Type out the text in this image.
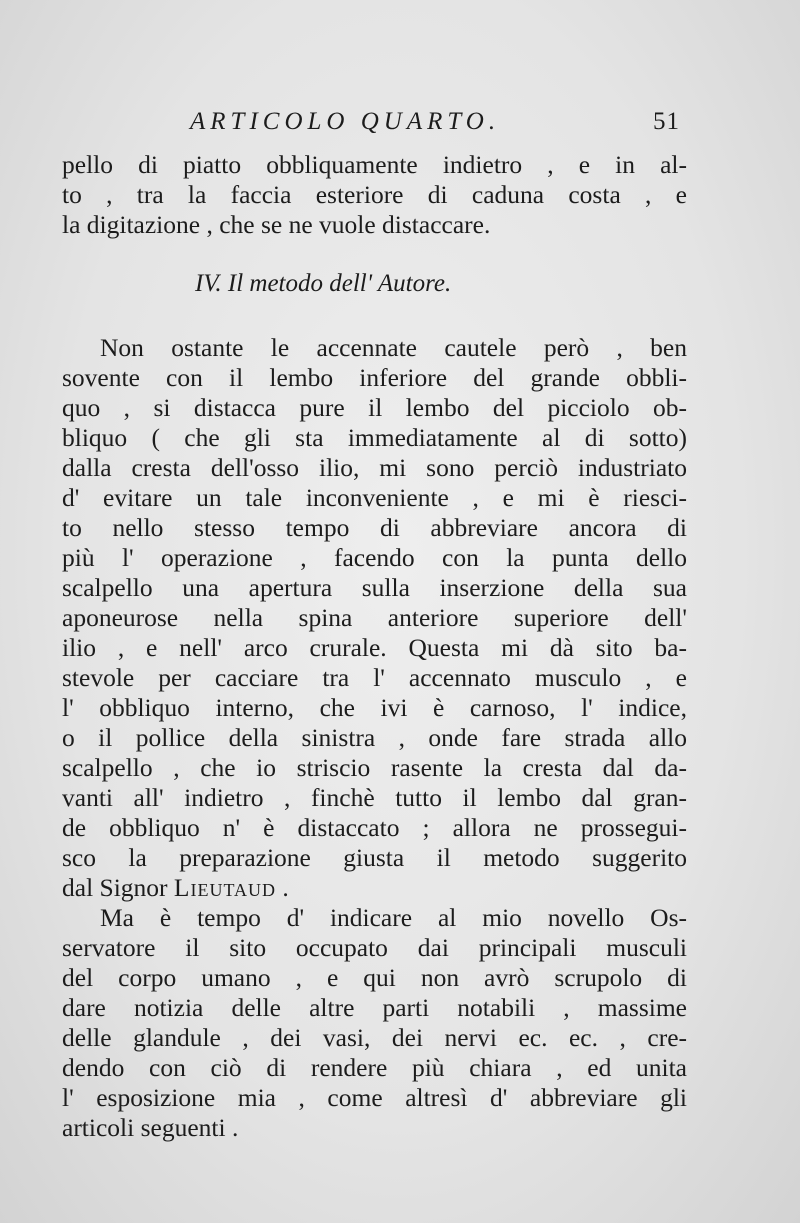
ARTICOLO QUARTO.	51
pello di piatto obbliquamente indietro , e in al-
to , tra la faccia esteriore di caduna costa , e
la digitazione , che se ne vuole distaccare.
IV. Il metodo dell' Autore.
Non ostante le accennate cautele però , ben
sovente con il lembo inferiore del grande obbli-
quo , si distacca pure il lembo del picciolo ob-
bliquo ( che gli sta immediatamente al di sotto)
dalla cresta dell'osso ilio, mi sono perciò industriato
d' evitare un tale inconveniente , e mi è riesci-
to nello stesso tempo di abbreviare ancora di
più l' operazione , facendo con la punta dello
scalpello una apertura sulla inserzione della sua
aponeurose nella spina anteriore superiore dell'
ilio , e nell' arco crurale. Questa mi dà sito ba-
stevole per cacciare tra l' accennato musculo , e
l' obbliquo interno, che ivi è carnoso, l' indice,
o il pollice della sinistra , onde fare strada allo
scalpello , che io striscio rasente la cresta dal da-
vanti all' indietro , finchè tutto il lembo dal gran-
de obbliquo n' è distaccato ; allora ne prossegui-
sco la preparazione giusta il metodo suggerito
dal Signor Lieutaud .
Ma è tempo d' indicare al mio novello Os-
servatore il sito occupato dai principali musculi
del corpo umano , e qui non avrò scrupolo di
dare notizia delle altre parti notabili , massime
delle glandule , dei vasi, dei nervi ec. ec. , cre-
dendo con ciò di rendere più chiara , ed unita
l' esposizione mia , come altresì d' abbreviare gli
articoli seguenti .
